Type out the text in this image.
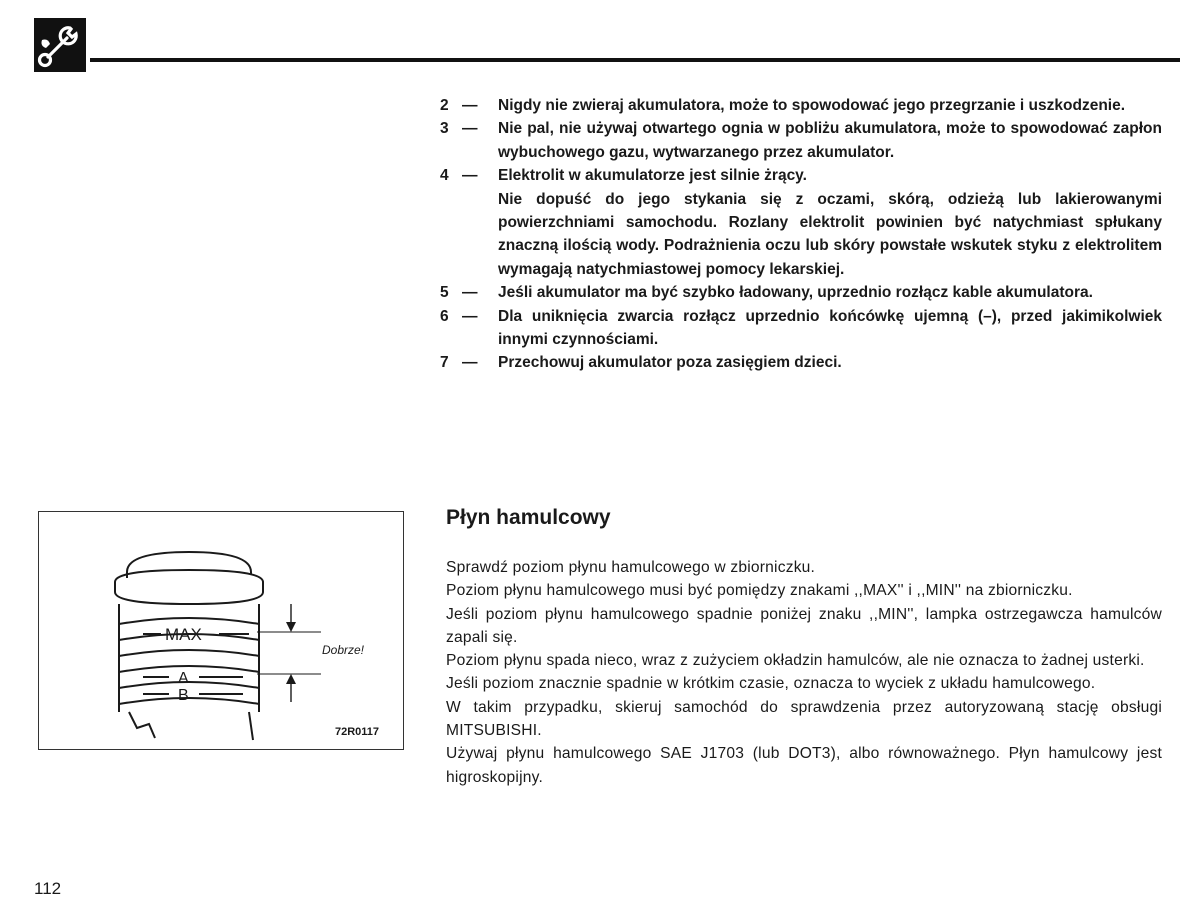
2 —	Nigdy nie zwieraj akumulatora, może to spowodować jego przegrzanie i uszkodzenie.

3 —	Nie pal, nie używaj otwartego ognia w pobliżu akumulatora, może to spowodować zapłon wybuchowego gazu, wytwarzanego przez akumulator.

4 —	Elektrolit w akumulatorze jest silnie żrący.

Nie dopuść do jego stykania się z oczami, skórą, odzieżą lub lakierowanymi powierzchniami samochodu. Rozlany elektrolit powinien być natychmiast spłukany znaczną ilością wody. Podrażnienia oczu lub skóry powstałe wskutek styku z elektrolitem wymagają natychmiastowej pomocy lekarskiej.

5 —	Jeśli akumulator ma być szybko ładowany, uprzednio rozłącz kable akumulatora.

6 —	Dla uniknięcia zwarcia rozłącz uprzednio końcówkę ujemną (–), przed jakimikolwiek innymi czynnościami.

7 —	Przechowuj akumulator poza zasięgiem dzieci.

Płyn hamulcowy

Sprawdź poziom płynu hamulcowego w zbiorniczku.

Poziom płynu hamulcowego musi być pomiędzy znakami ,,MAX'' i ,,MIN'' na zbiorniczku.

Jeśli poziom płynu hamulcowego spadnie poniżej znaku ,,MIN'', lampka ostrzegawcza hamulców zapali się.

Poziom płynu spada nieco, wraz z zużyciem okładzin hamulców, ale nie oznacza to żadnej usterki.

Jeśli poziom znacznie spadnie w krótkim czasie, oznacza to wyciek z układu hamulcowego.

W takim przypadku, skieruj samochód do sprawdzenia przez autoryzowaną stację obsługi MITSUBISHI.

Używaj płynu hamulcowego SAE J1703 (lub DOT3), albo równoważnego. Płyn hamulcowy jest higroskopijny.

MAX
A
B
Dobrze!
72R0117
112
